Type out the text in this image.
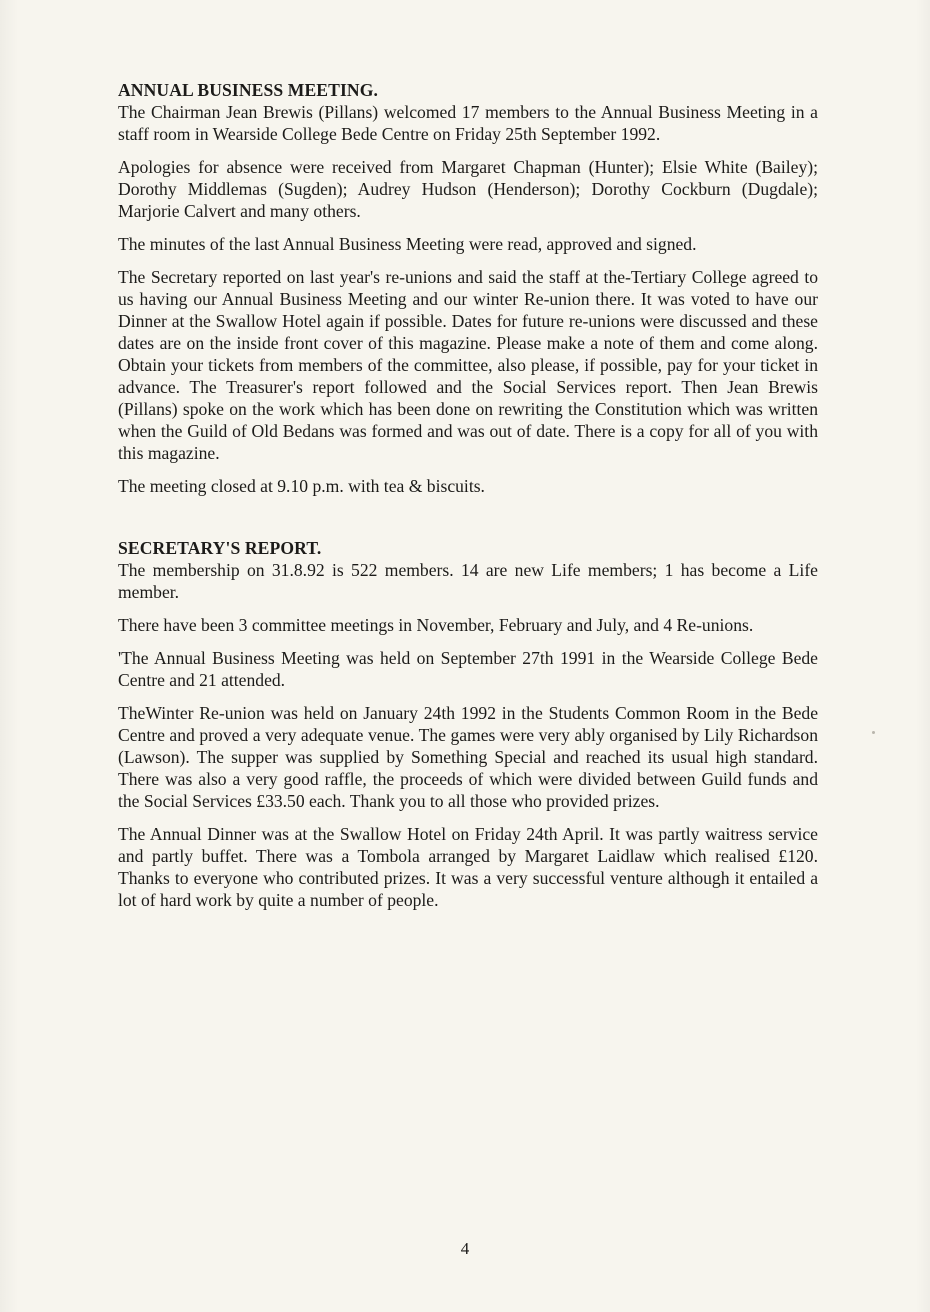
ANNUAL BUSINESS MEETING.

The Chairman Jean Brewis (Pillans) welcomed 17 members to the Annual Business Meeting in a staff room in Wearside College Bede Centre on Friday 25th September 1992.

Apologies for absence were received from Margaret Chapman (Hunter); Elsie White (Bailey); Dorothy Middlemas (Sugden); Audrey Hudson (Henderson); Dorothy Cockburn (Dugdale); Marjorie Calvert and many others.

The minutes of the last Annual Business Meeting were read, approved and signed.

The Secretary reported on last year's re-unions and said the staff at the-Tertiary College agreed to us having our Annual Business Meeting and our winter Re-union there. It was voted to have our Dinner at the Swallow Hotel again if possible. Dates for future re-unions were discussed and these dates are on the inside front cover of this magazine. Please make a note of them and come along. Obtain your tickets from members of the committee, also please, if possible, pay for your ticket in advance. The Treasurer's report followed and the Social Services report. Then Jean Brewis (Pillans) spoke on the work which has been done on rewriting the Constitution which was written when the Guild of Old Bedans was formed and was out of date. There is a copy for all of you with this magazine.

The meeting closed at 9.10 p.m. with tea & biscuits.

SECRETARY'S REPORT.

The membership on 31.8.92 is 522 members. 14 are new Life members; 1 has become a Life member.

There have been 3 committee meetings in November, February and July, and 4 Re-unions.

'The Annual Business Meeting was held on September 27th 1991 in the Wearside College Bede Centre and 21 attended.

TheWinter Re-union was held on January 24th 1992 in the Students Common Room in the Bede Centre and proved a very adequate venue. The games were very ably organised by Lily Richardson (Lawson). The supper was supplied by Something Special and reached its usual high standard. There was also a very good raffle, the proceeds of which were divided between Guild funds and the Social Services £33.50 each. Thank you to all those who provided prizes.

The Annual Dinner was at the Swallow Hotel on Friday 24th April. It was partly waitress service and partly buffet. There was a Tombola arranged by Margaret Laidlaw which realised £120. Thanks to everyone who contributed prizes. It was a very successful venture although it entailed a lot of hard work by quite a number of people.

4
